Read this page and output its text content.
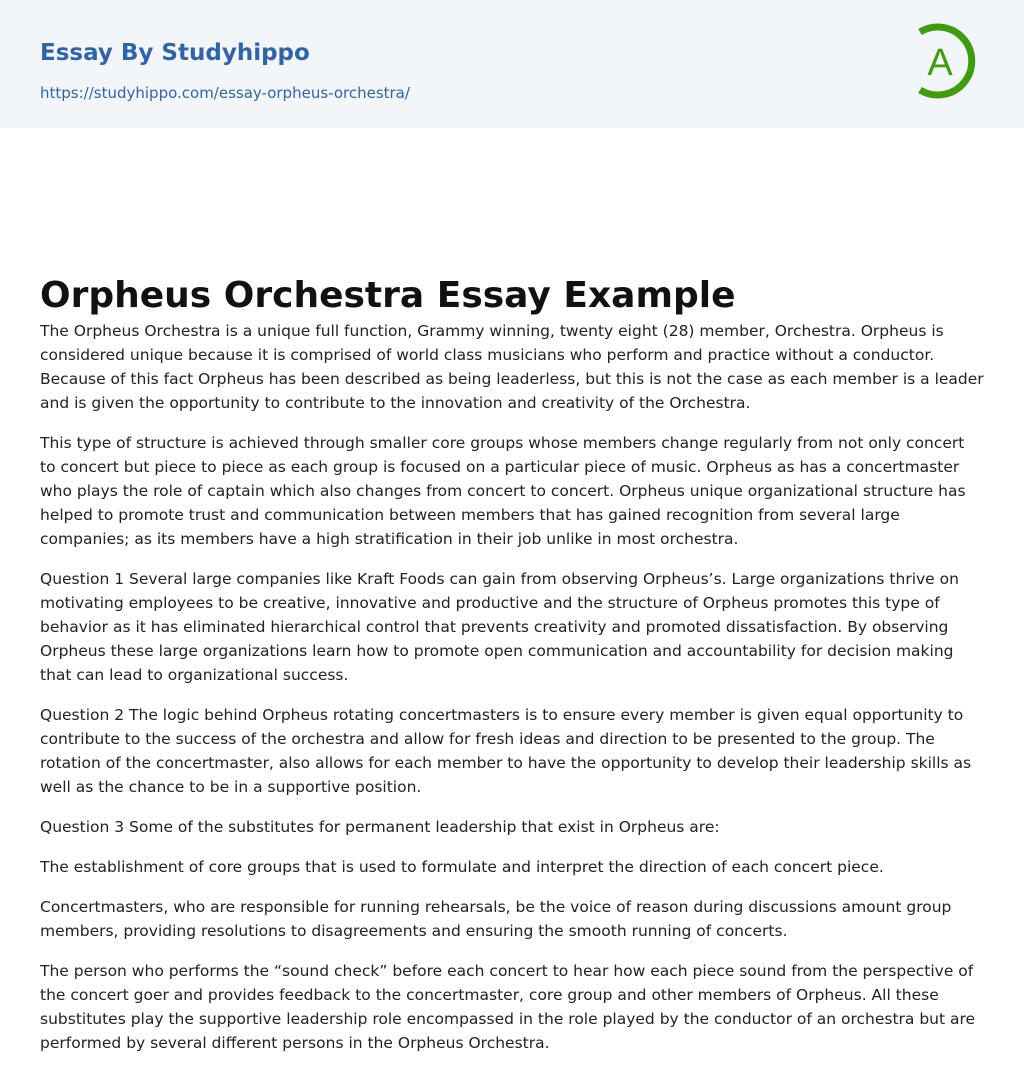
Essay By Studyhippo
https://studyhippo.com/essay-orpheus-orchestra/
A
Orpheus Orchestra Essay Example

The Orpheus Orchestra is a unique full function, Grammy winning, twenty eight (28) member, Orchestra. Orpheus is considered unique because it is comprised of world class musicians who perform and practice without a conductor. Because of this fact Orpheus has been described as being leaderless, but this is not the case as each member is a leader and is given the opportunity to contribute to the innovation and creativity of the Orchestra.

This type of structure is achieved through smaller core groups whose members change regularly from not only concert to concert but piece to piece as each group is focused on a particular piece of music. Orpheus as has a concertmaster who plays the role of captain which also changes from concert to concert. Orpheus unique organizational structure has helped to promote trust and communication between members that has gained recognition from several large companies; as its members have a high stratification in their job unlike in most orchestra.

Question 1 Several large companies like Kraft Foods can gain from observing Orpheus’s. Large organizations thrive on motivating employees to be creative, innovative and productive and the structure of Orpheus promotes this type of behavior as it has eliminated hierarchical control that prevents creativity and promoted dissatisfaction. By observing Orpheus these large organizations learn how to promote open communication and accountability for decision making that can lead to organizational success.

Question 2 The logic behind Orpheus rotating concertmasters is to ensure every member is given equal opportunity to contribute to the success of the orchestra and allow for fresh ideas and direction to be presented to the group. The rotation of the concertmaster, also allows for each member to have the opportunity to develop their leadership skills as well as the chance to be in a supportive position.

Question 3 Some of the substitutes for permanent leadership that exist in Orpheus are:

The establishment of core groups that is used to formulate and interpret the direction of each concert piece.

Concertmasters, who are responsible for running rehearsals, be the voice of reason during discussions amount group members, providing resolutions to disagreements and ensuring the smooth running of concerts.

The person who performs the “sound check” before each concert to hear how each piece sound from the perspective of the concert goer and provides feedback to the concertmaster, core group and other members of Orpheus. All these substitutes play the supportive leadership role encompassed in the role played by the conductor of an orchestra but are performed by several different persons in the Orpheus Orchestra.
